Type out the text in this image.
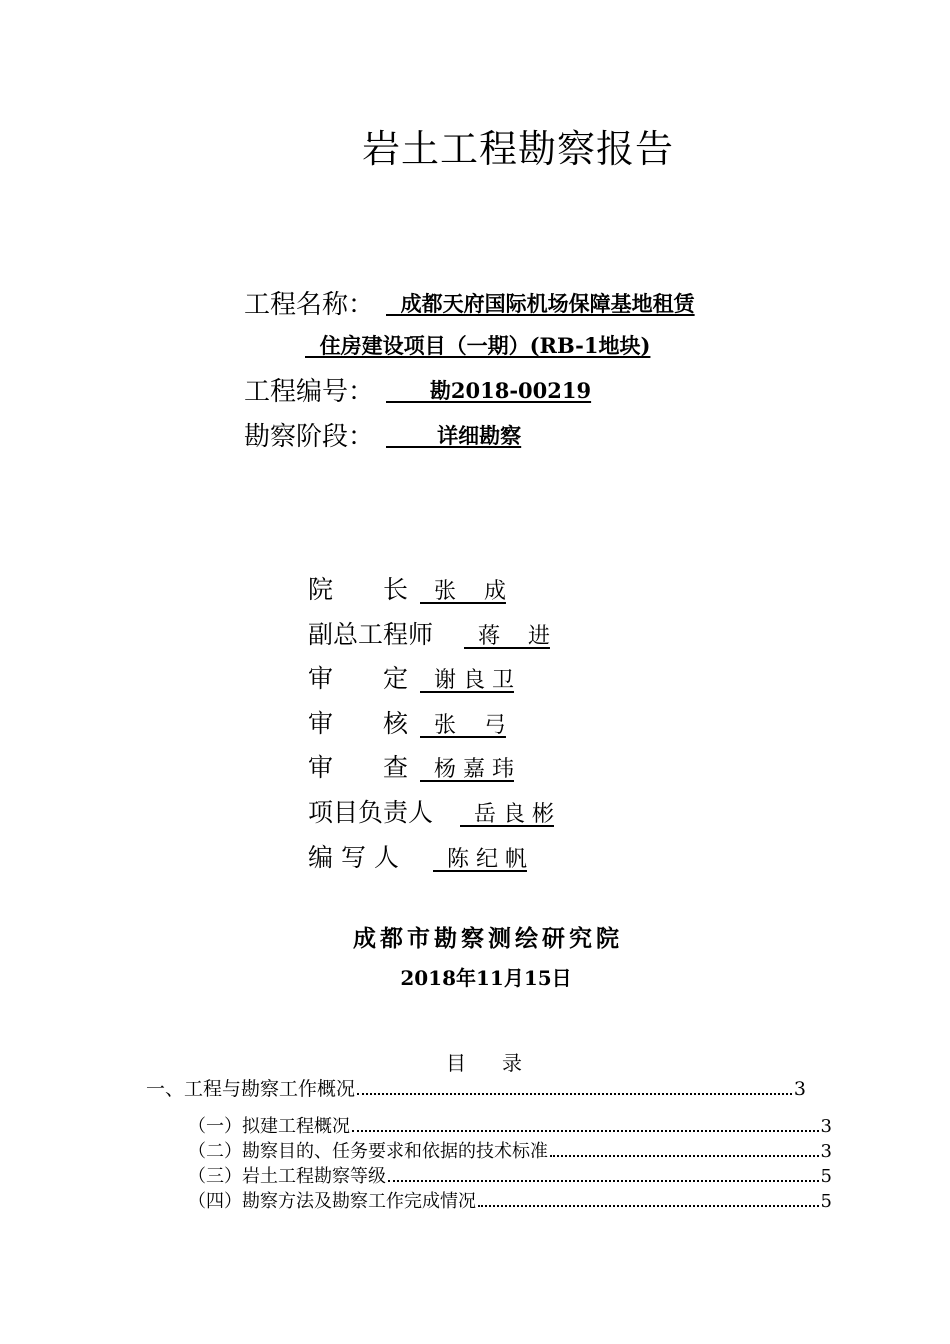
岩土工程勘察报告
工程名称： 成都天府国际机场保障基地租赁
住房建设项目（一期）(RB-1地块)
工程编号： 勘2018-00219
勘察阶段： 详细勘察
院　　长 张    成
副总工程师 蒋    进
审　　定 谢 良 卫
审　　核 张    弓
审　　查 杨 嘉 玮
项目负责人 岳 良 彬
编 写 人 陈 纪 帆
成都市勘察测绘研究院
2018年11月15日
目　录
一、工程与勘察工作概况	3
（一）拟建工程概况	3
（二）勘察目的、任务要求和依据的技术标准	3
（三）岩土工程勘察等级	5
（四）勘察方法及勘察工作完成情况	5
